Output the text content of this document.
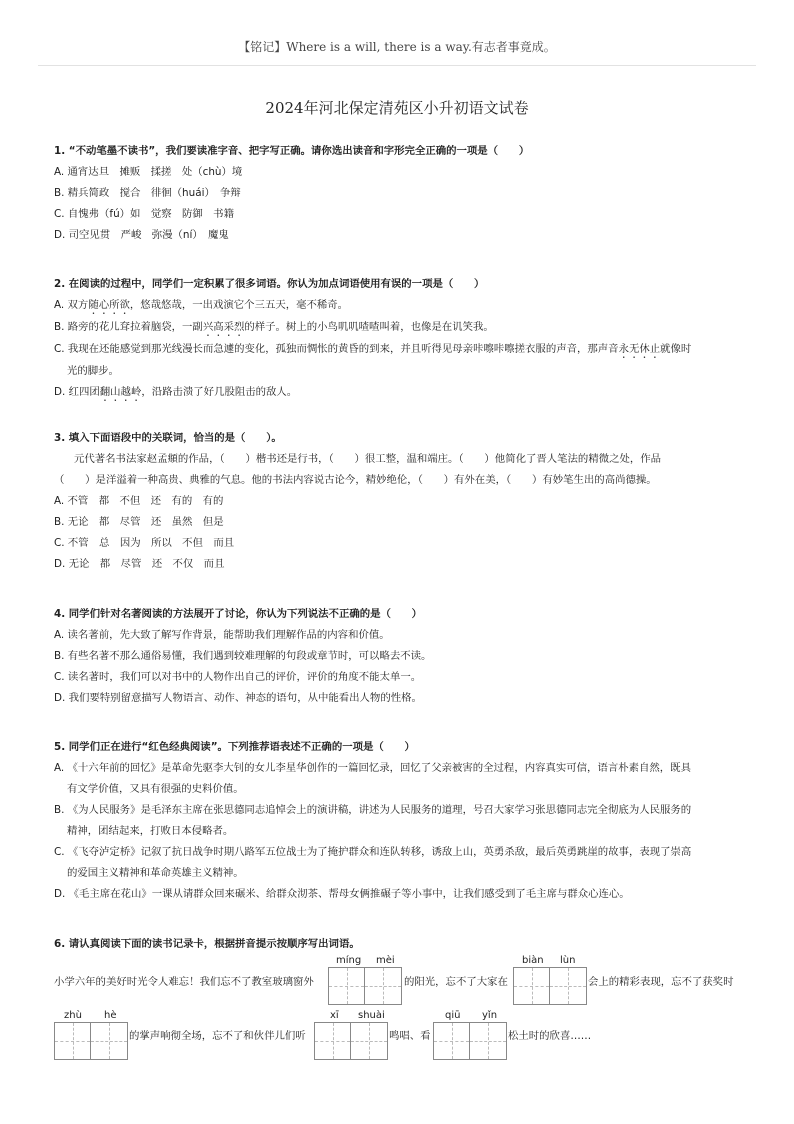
【铭记】Where is a will, there is a way.有志者事竟成。
2024年河北保定清苑区小升初语文试卷
1. “不动笔墨不读书”，我们要读准字音、把字写正确。请你选出读音和字形完全正确的一项是（　　）
A. 通宵达旦　摊贩　揉搓　处（chù）境
B. 精兵简政　搅合　徘徊（huái）　争辩
C. 自愧弗（fú）如　觉察　防御　书籍
D. 司空见贯　严峻　弥漫（ní）　魔鬼
2. 在阅读的过程中，同学们一定积累了很多词语。你认为加点词语使用有误的一项是（　　）
A. 双方随心所欲，悠哉悠哉，一出戏演它个三五天，毫不稀奇。
B. 路旁的花儿耷拉着脑袋，一副兴高采烈的样子。树上的小鸟叽叽喳喳叫着，也像是在讥笑我。
C. 我现在还能感觉到那光线漫长而急遽的变化，孤独而惆怅的黄昏的到来，并且听得见母亲咔嚓咔嚓搓衣服的声音，那声音永无休止就像时
光的脚步。
D. 红四团翻山越岭，沿路击溃了好几股阻击的敌人。
3. 填入下面语段中的关联词，恰当的是（　　）。
元代著名书法家赵孟頫的作品，（　　）楷书还是行书，（　　）很工整，温和端庄。（　　）他简化了晋人笔法的精微之处，作品
（　　）是洋溢着一种高贵、典雅的气息。他的书法内容说古论今，精妙绝伦，（　　）有外在美，（　　）有妙笔生出的高尚德操。
A. 不管　都　不但　还　有的　有的
B. 无论　都　尽管　还　虽然　但是
C. 不管　总　因为　所以　不但　而且
D. 无论　都　尽管　还　不仅　而且
4. 同学们针对名著阅读的方法展开了讨论，你认为下列说法不正确的是（　　）
A. 读名著前，先大致了解写作背景，能帮助我们理解作品的内容和价值。
B. 有些名著不那么通俗易懂，我们遇到较难理解的句段或章节时，可以略去不读。
C. 读名著时，我们可以对书中的人物作出自己的评价，评价的角度不能太单一。
D. 我们要特别留意描写人物语言、动作、神态的语句，从中能看出人物的性格。
5. 同学们正在进行“红色经典阅读”。下列推荐语表述不正确的一项是（　　）
A. 《十六年前的回忆》是革命先驱李大钊的女儿李星华创作的一篇回忆录，回忆了父亲被害的全过程，内容真实可信，语言朴素自然，既具
有文学价值，又具有很强的史料价值。
B. 《为人民服务》是毛泽东主席在张思德同志追悼会上的演讲稿，讲述为人民服务的道理，号召大家学习张思德同志完全彻底为人民服务的
精神，团结起来，打败日本侵略者。
C. 《飞夺泸定桥》记叙了抗日战争时期八路军五位战士为了掩护群众和连队转移，诱敌上山，英勇杀敌，最后英勇跳崖的故事，表现了崇高
的爱国主义精神和革命英雄主义精神。
D. 《毛主席在花山》一课从请群众回来碾米、给群众沏茶、帮母女俩推碾子等小事中，让我们感受到了毛主席与群众心连心。
6. 请认真阅读下面的读书记录卡，根据拼音提示按顺序写出词语。
小学六年的美好时光令人难忘！我们忘不了教室玻璃窗外
míng mèi
的阳光，忘不了大家在
biàn lùn
会上的精彩表现，忘不了获奖时
zhù hè
的掌声响彻全场，忘不了和伙伴儿们听
xī shuài
鸣唱、看
qiū yǐn
松土时的欣喜……
